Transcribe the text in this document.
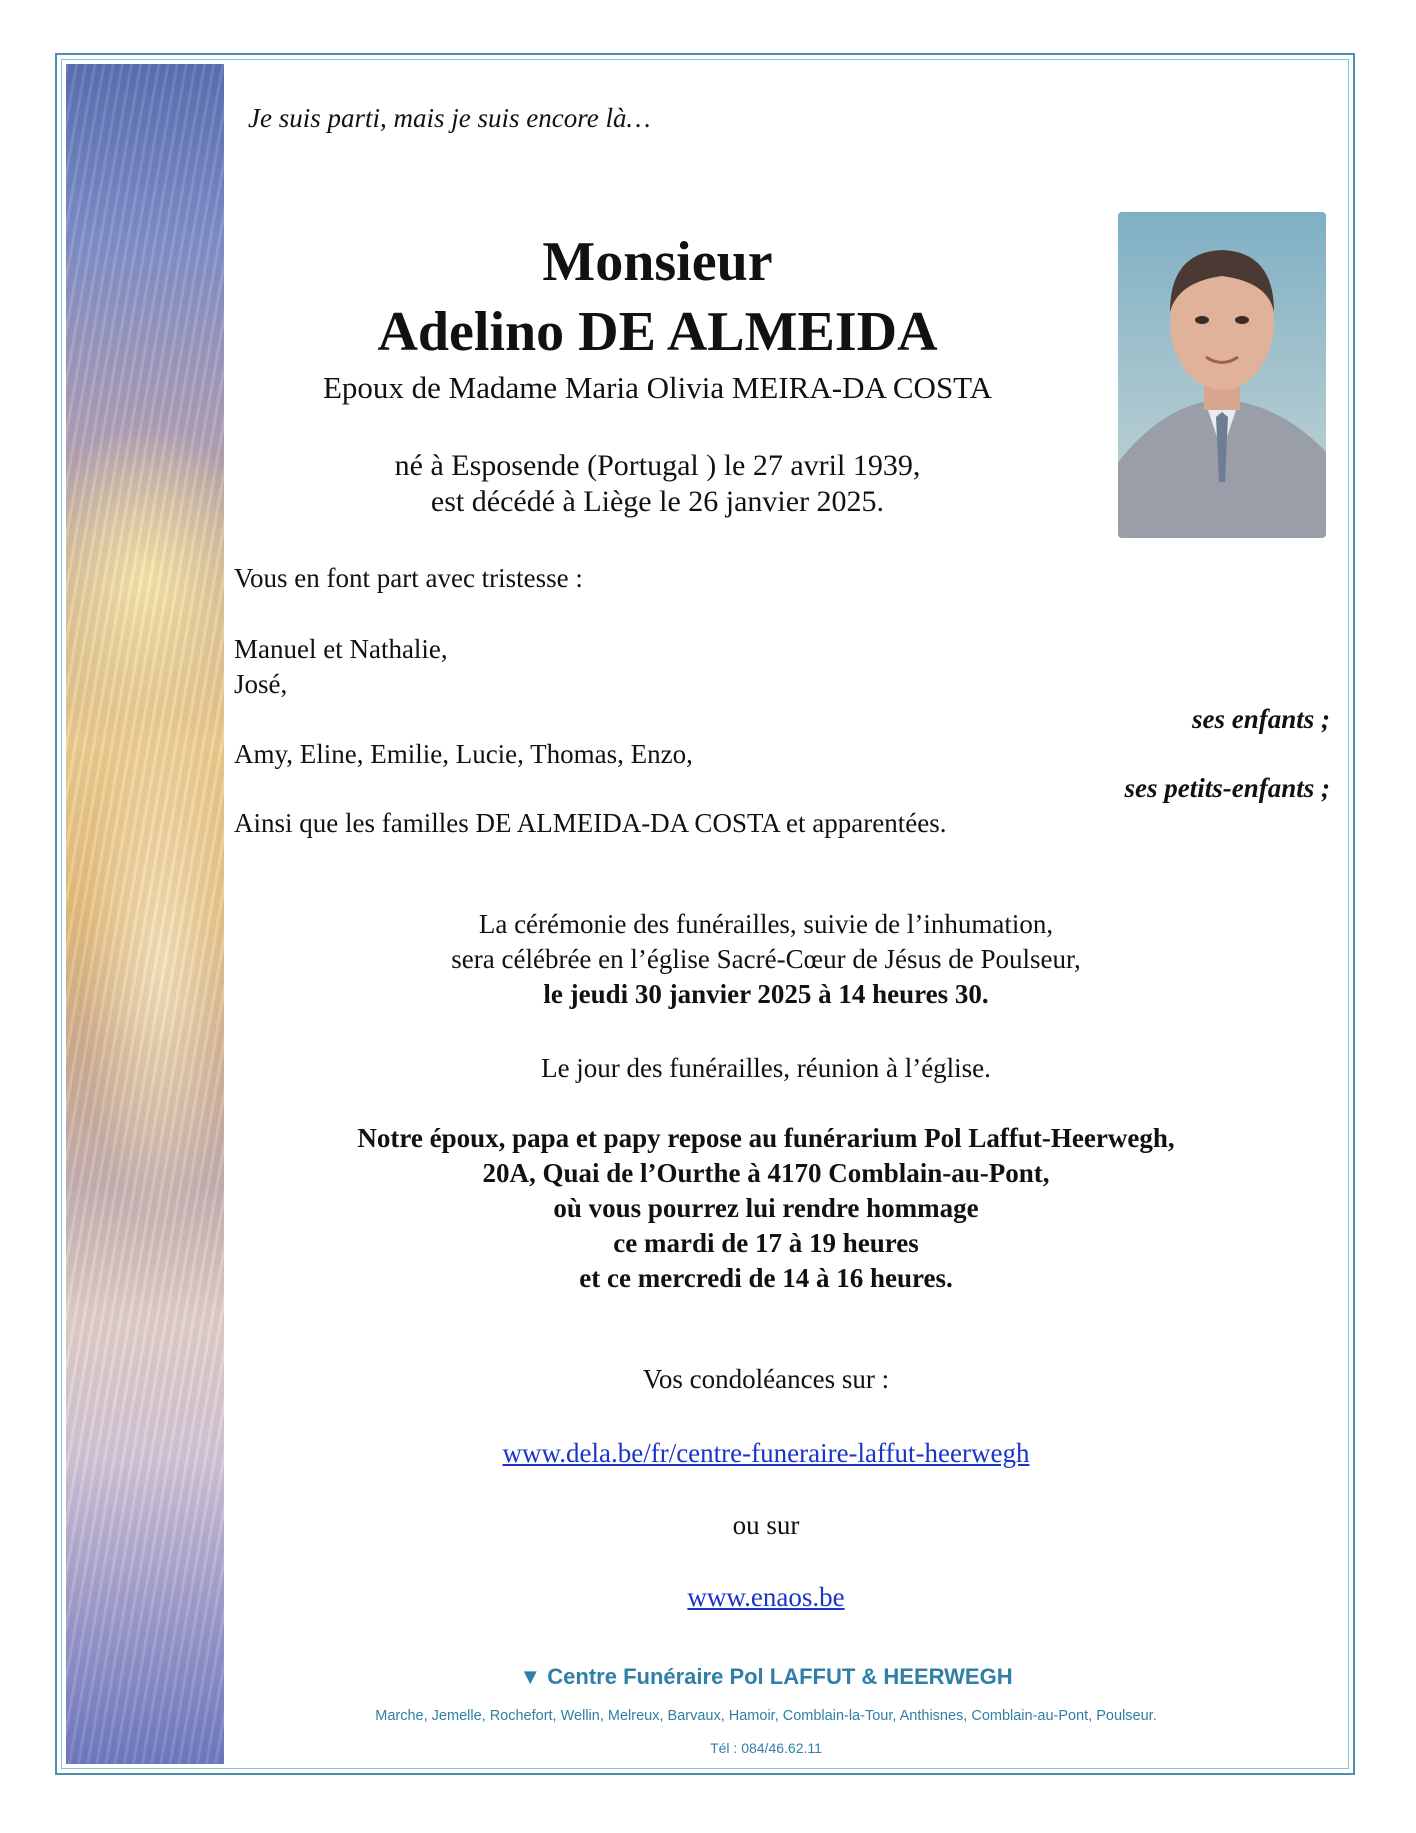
Je suis parti, mais je suis encore là…

Monsieur

Adelino DE ALMEIDA

Epoux de Madame Maria Olivia MEIRA-DA COSTA

né à Esposende (Portugal ) le 27 avril 1939,

est décédé à Liège le 26 janvier 2025.

Vous en font part avec tristesse :

Manuel et Nathalie,

José,

ses enfants ;

Amy, Eline, Emilie, Lucie, Thomas, Enzo,

ses petits-enfants ;

Ainsi que les familles DE ALMEIDA-DA COSTA et apparentées.

La cérémonie des funérailles, suivie de l’inhumation,

sera célébrée en l’église Sacré-Cœur de Jésus de Poulseur,

le jeudi 30 janvier 2025 à 14 heures 30.

Le jour des funérailles, réunion à l’église.

Notre époux, papa et papy repose au funérarium Pol Laffut-Heerwegh,

20A, Quai de l’Ourthe à 4170 Comblain-au-Pont,

où vous pourrez lui rendre hommage

ce mardi de 17 à 19 heures

et ce mercredi de 14 à 16 heures.

Vos condoléances sur :

www.dela.be/fr/centre-funeraire-laffut-heerwegh

ou sur

www.enaos.be

▼ Centre Funéraire Pol LAFFUT & HEERWEGH
Marche, Jemelle, Rochefort, Wellin, Melreux, Barvaux, Hamoir, Comblain-la-Tour, Anthisnes, Comblain-au-Pont, Poulseur.
Tél : 084/46.62.11
